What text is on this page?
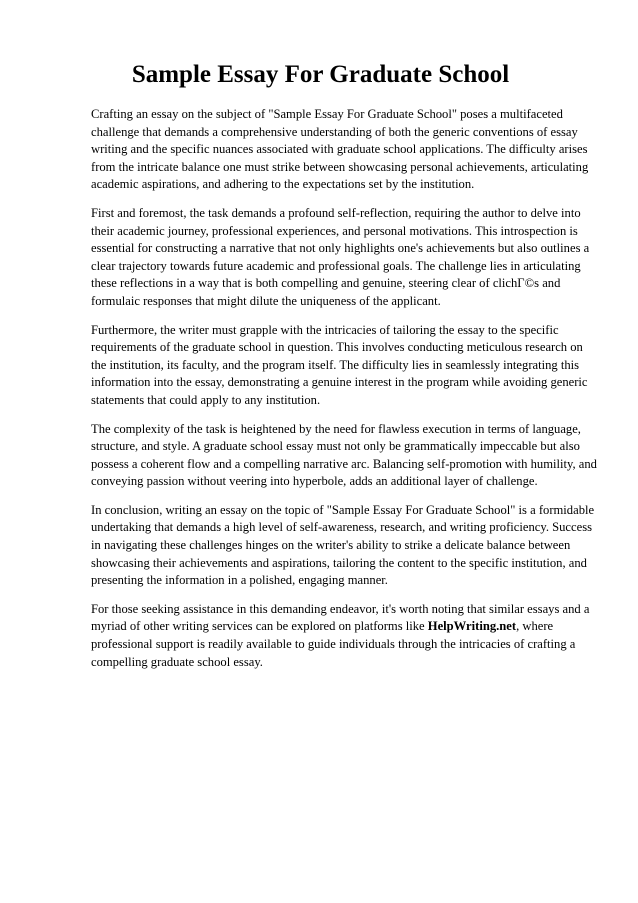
Sample Essay For Graduate School

Crafting an essay on the subject of "Sample Essay For Graduate School" poses a multifaceted challenge that demands a comprehensive understanding of both the generic conventions of essay writing and the specific nuances associated with graduate school applications. The difficulty arises from the intricate balance one must strike between showcasing personal achievements, articulating academic aspirations, and adhering to the expectations set by the institution.

First and foremost, the task demands a profound self-reflection, requiring the author to delve into their academic journey, professional experiences, and personal motivations. This introspection is essential for constructing a narrative that not only highlights one's achievements but also outlines a clear trajectory towards future academic and professional goals. The challenge lies in articulating these reflections in a way that is both compelling and genuine, steering clear of clichГ©s and formulaic responses that might dilute the uniqueness of the applicant.

Furthermore, the writer must grapple with the intricacies of tailoring the essay to the specific requirements of the graduate school in question. This involves conducting meticulous research on the institution, its faculty, and the program itself. The difficulty lies in seamlessly integrating this information into the essay, demonstrating a genuine interest in the program while avoiding generic statements that could apply to any institution.

The complexity of the task is heightened by the need for flawless execution in terms of language, structure, and style. A graduate school essay must not only be grammatically impeccable but also possess a coherent flow and a compelling narrative arc. Balancing self-promotion with humility, and conveying passion without veering into hyperbole, adds an additional layer of challenge.

In conclusion, writing an essay on the topic of "Sample Essay For Graduate School" is a formidable undertaking that demands a high level of self-awareness, research, and writing proficiency. Success in navigating these challenges hinges on the writer's ability to strike a delicate balance between showcasing their achievements and aspirations, tailoring the content to the specific institution, and presenting the information in a polished, engaging manner.

For those seeking assistance in this demanding endeavor, it's worth noting that similar essays and a myriad of other writing services can be explored on platforms like HelpWriting.net, where professional support is readily available to guide individuals through the intricacies of crafting a compelling graduate school essay.
